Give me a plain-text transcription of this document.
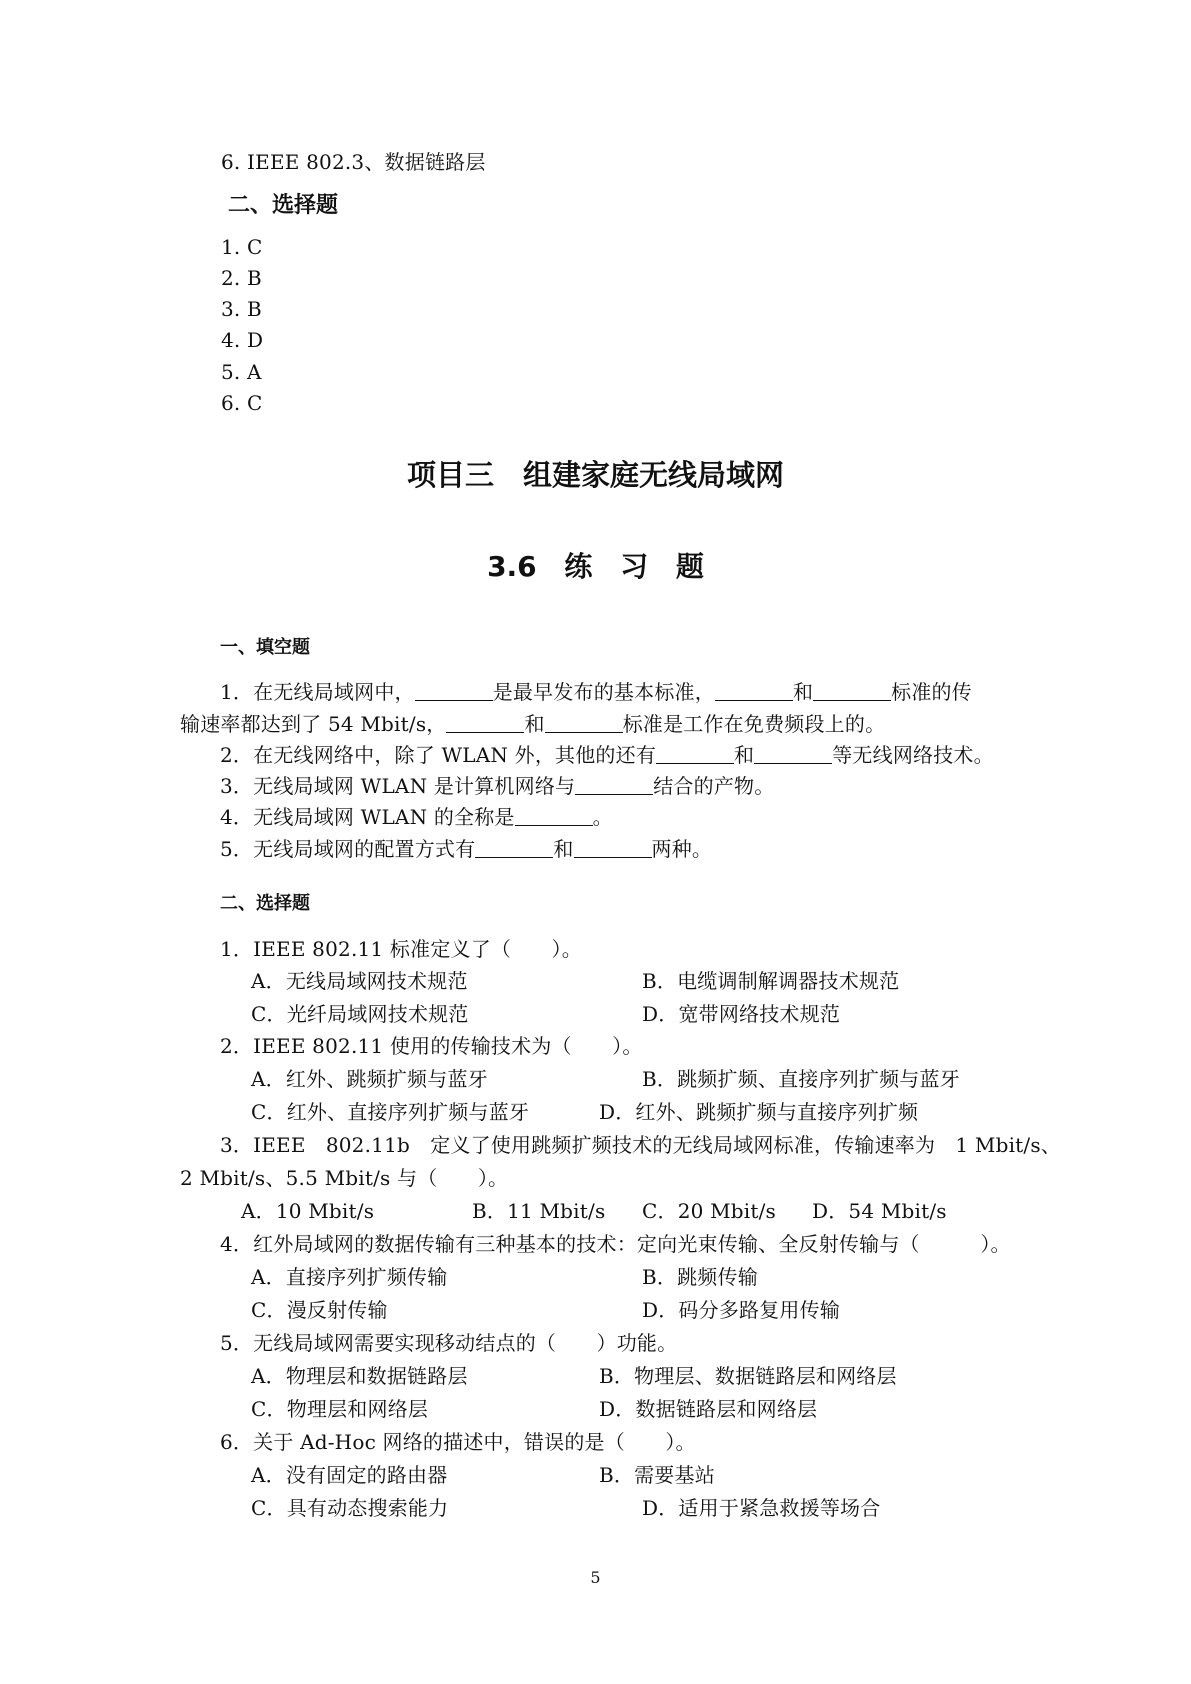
6. IEEE 802.3、数据链路层
二、选择题
1. C
2. B
3. B
4. D
5. A
6. C
项目三　组建家庭无线局域网
3.6 练 习 题
一、填空题
1．在无线局域网中，	是最早发布的基本标准，	和	标准的传
输速率都达到了 54 Mbit/s，	和	标准是工作在免费频段上的。
2．在无线网络中，除了 WLAN 外，其他的还有	和	等无线网络技术。
3．无线局域网 WLAN 是计算机网络与	结合的产物。
4．无线局域网 WLAN 的全称是	。
5．无线局域网的配置方式有	和	两种。
二、选择题
1．IEEE 802.11 标准定义了（　　）。
A．无线局域网技术规范	B．电缆调制解调器技术规范
C．光纤局域网技术规范	D．宽带网络技术规范
2．IEEE 802.11 使用的传输技术为（　　）。
A．红外、跳频扩频与蓝牙	B．跳频扩频、直接序列扩频与蓝牙
C．红外、直接序列扩频与蓝牙	D．红外、跳频扩频与直接序列扩频
3．IEEE　802.11b　定义了使用跳频扩频技术的无线局域网标准，传输速率为　1 Mbit/s、
2 Mbit/s、5.5 Mbit/s 与（　　）。
A．10 Mbit/s	B．11 Mbit/s C．20 Mbit/s D．54 Mbit/s
4．红外局域网的数据传输有三种基本的技术：定向光束传输、全反射传输与（　　　）。
A．直接序列扩频传输	B．跳频传输
C．漫反射传输	D．码分多路复用传输
5．无线局域网需要实现移动结点的（　　）功能。
A．物理层和数据链路层	B．物理层、数据链路层和网络层
C．物理层和网络层	D．数据链路层和网络层
6．关于 Ad-Hoc 网络的描述中，错误的是（　　）。
A．没有固定的路由器	B．需要基站
C．具有动态搜索能力	D．适用于紧急救援等场合
5
